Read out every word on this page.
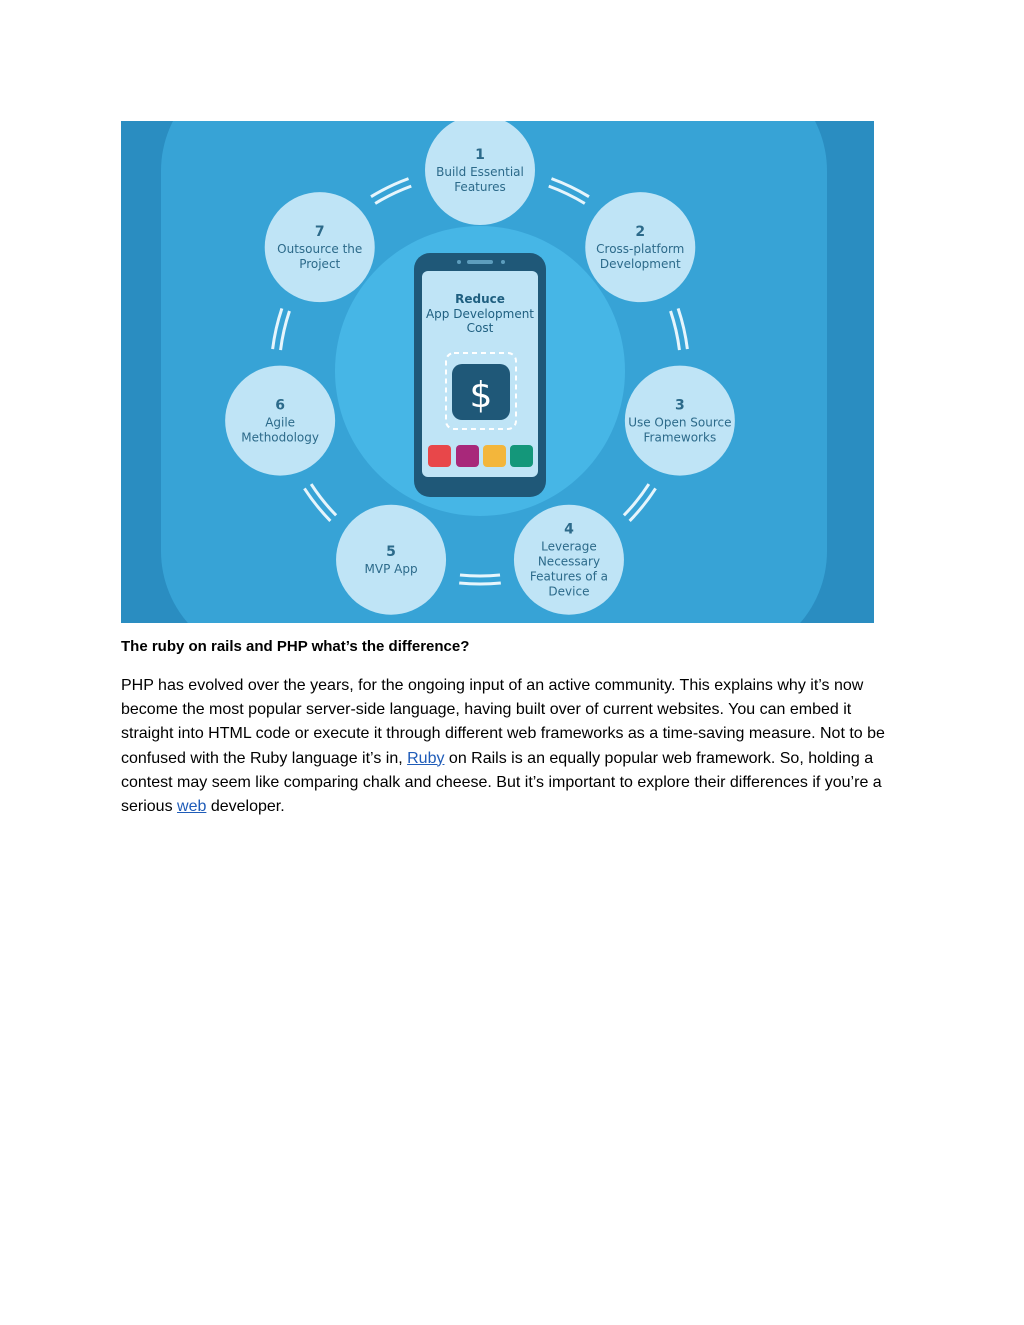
1
Build Essential
Features
2
Cross-platform
Development
3
Use Open Source
Frameworks
4
Leverage
Necessary
Features of a
Device
5
MVP App
6
Agile
Methodology
7
Outsource the
Project
Reduce
App Development
Cost
$
The ruby on rails and PHP what’s the difference?

PHP has evolved over the years, for the ongoing input of an active community. This explains why it’s now become the most popular server-side language, having built over of current websites. You can embed it straight into HTML code or execute it through different web frameworks as a time-saving measure. Not to be confused with the Ruby language it’s in, Ruby on Rails is an equally popular web framework. So, holding a contest may seem like comparing chalk and cheese. But it’s important to explore their differences if you’re a serious web developer.
